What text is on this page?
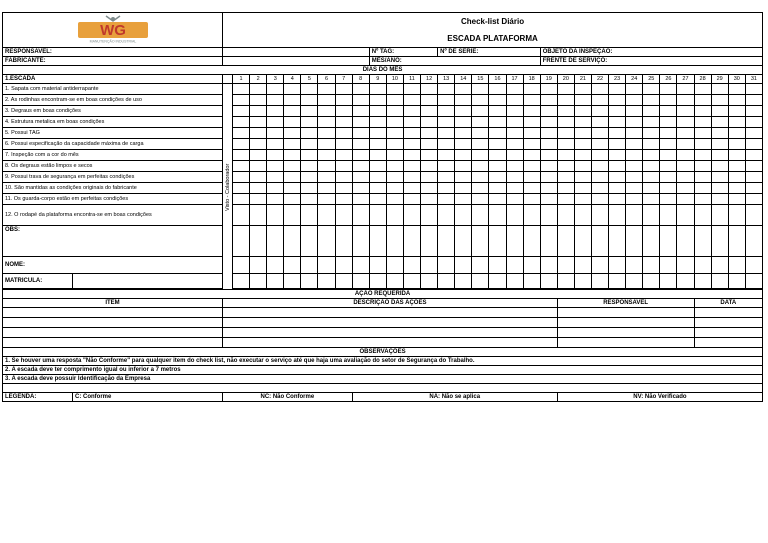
WG
MANUTENÇÃO INDUSTRIAL		Check-list Diário																															
		ESCADA PLATAFORMA																															
RESPONSAVEL:											Nº TAG:				Nº DE SERIE:						OBJETO DA INSPEÇÃO:												
FABRICANTE:											MÊS/ANO:										FRENTE DE SERVIÇO:												
DIAS DO MÊS																																	
1.ESCADA			1	2	3	4	5	6	7	8	9	10	11	12	13	14	15	16	17	18	19	20	21	22	23	24	25	26	27	28	29	30	31
1. Sapata com material antiderrapante		Visto - Colaborador																															
2. As rodinhas encontram-se em boas condições de uso																																	
3. Degraus em boas condições																																	
4. Estrutura metalica em boas condições																																	
5. Possui TAG																																	
6. Possui especificação da capacidade máxima de carga																																	
7. Inspeção com a cor do mês																																	
8. Os degraus estão limpos e secos																																	
9. Possui trava de segurança em perfeitas condições																																	
10. São mantidas as condições originais do fabricante																																	
11. Os guarda-corpo estão em perfeitas condições																																	
12. O rodapé da plataforma encontra-se em boas condições																																	
OBS:																																	
NOME:																																	
MATRICULA:																																	

AÇÃO REQUERIDA																																	
ITEM		DESCRIÇÃO DAS AÇÕES																				RESPONSAVEL								DATA			

OBSERVAÇÕES																																	
1. Se houver uma resposta "Não Conforme" para qualquer item do check list, não executar o serviço até que haja uma avaliação do setor de Segurança do Trabalho.																																	
2. A escada deve ter comprimento igual ou inferior a 7 metros																																	
3. A escada deve possuir Identificação da Empresa																																	

LEGENDA:	C: Conforme	NC: Não Conforme								NA: Não se aplica												NV: Não Verificado											
